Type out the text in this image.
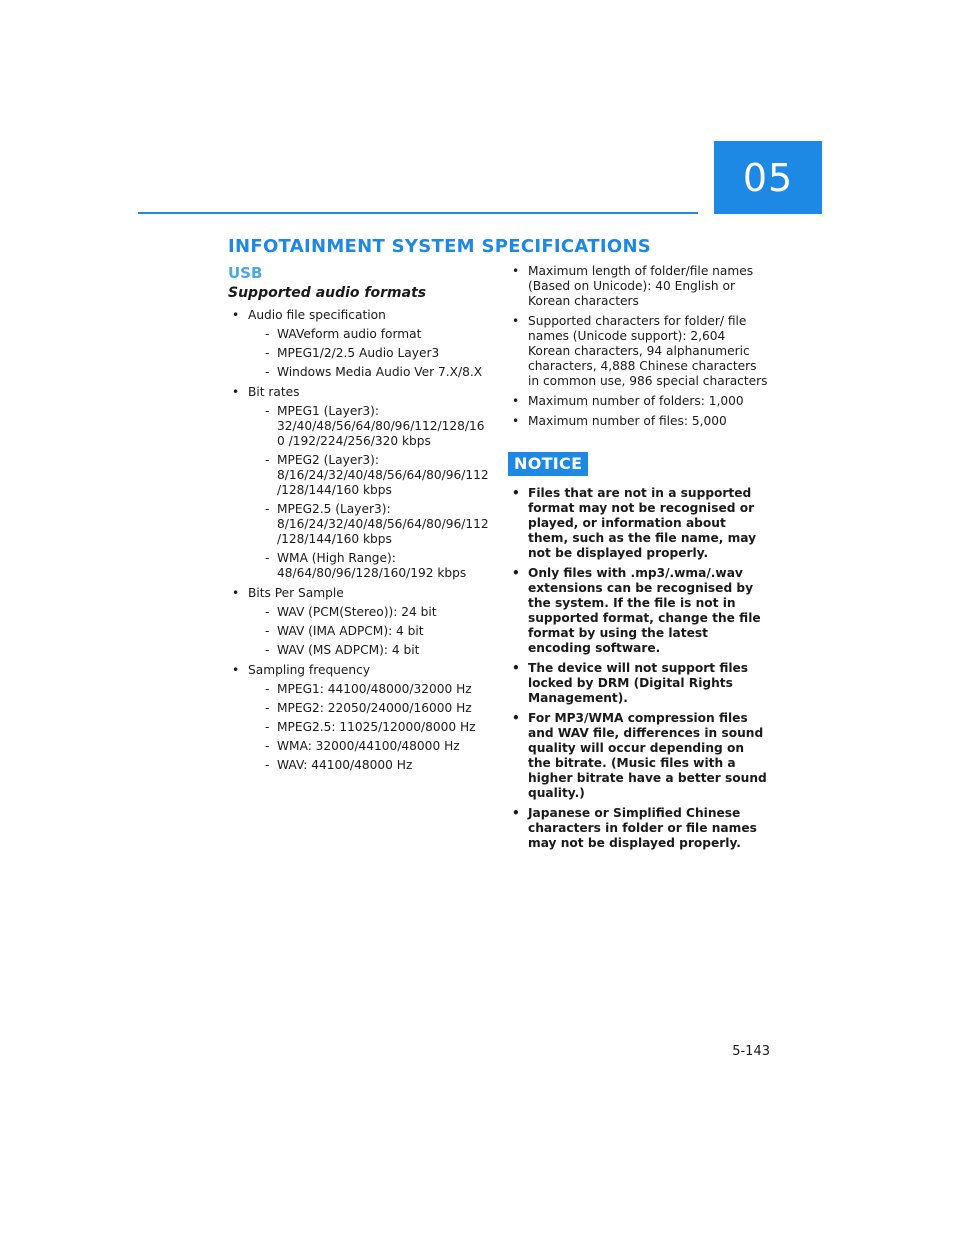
05
INFOTAINMENT SYSTEM SPECIFICATIONS
USB
Supported audio formats
• Audio file specification
- WAVeform audio format
- MPEG1/2/2.5 Audio Layer3
- Windows Media Audio Ver 7.X/8.X
• Bit rates
- MPEG1 (Layer3): 32/40/48/56/64/80/96/112/128/160 /192/224/256/320 kbps
- MPEG2 (Layer3): 8/16/24/32/40/48/56/64/80/96/112 /128/144/160 kbps
- MPEG2.5 (Layer3): 8/16/24/32/40/48/56/64/80/96/112 /128/144/160 kbps
- WMA (High Range): 48/64/80/96/128/160/192 kbps
• Bits Per Sample
- WAV (PCM(Stereo)): 24 bit
- WAV (IMA ADPCM): 4 bit
- WAV (MS ADPCM): 4 bit
• Sampling frequency
- MPEG1: 44100/48000/32000 Hz
- MPEG2: 22050/24000/16000 Hz
- MPEG2.5: 11025/12000/8000 Hz
- WMA: 32000/44100/48000 Hz
- WAV: 44100/48000 Hz
• Maximum length of folder/file names (Based on Unicode): 40 English or Korean characters
• Supported characters for folder/ file names (Unicode support): 2,604 Korean characters, 94 alphanumeric characters, 4,888 Chinese characters in common use, 986 special characters
• Maximum number of folders: 1,000
• Maximum number of files: 5,000
NOTICE
• Files that are not in a supported format may not be recognised or played, or information about them, such as the file name, may not be displayed properly.
• Only files with .mp3/.wma/.wav extensions can be recognised by the system. If the file is not in supported format, change the file format by using the latest encoding software.
• The device will not support files locked by DRM (Digital Rights Management).
• For MP3/WMA compression files and WAV file, differences in sound quality will occur depending on the bitrate. (Music files with a higher bitrate have a better sound quality.)
• Japanese or Simplified Chinese characters in folder or file names may not be displayed properly.
5-143
